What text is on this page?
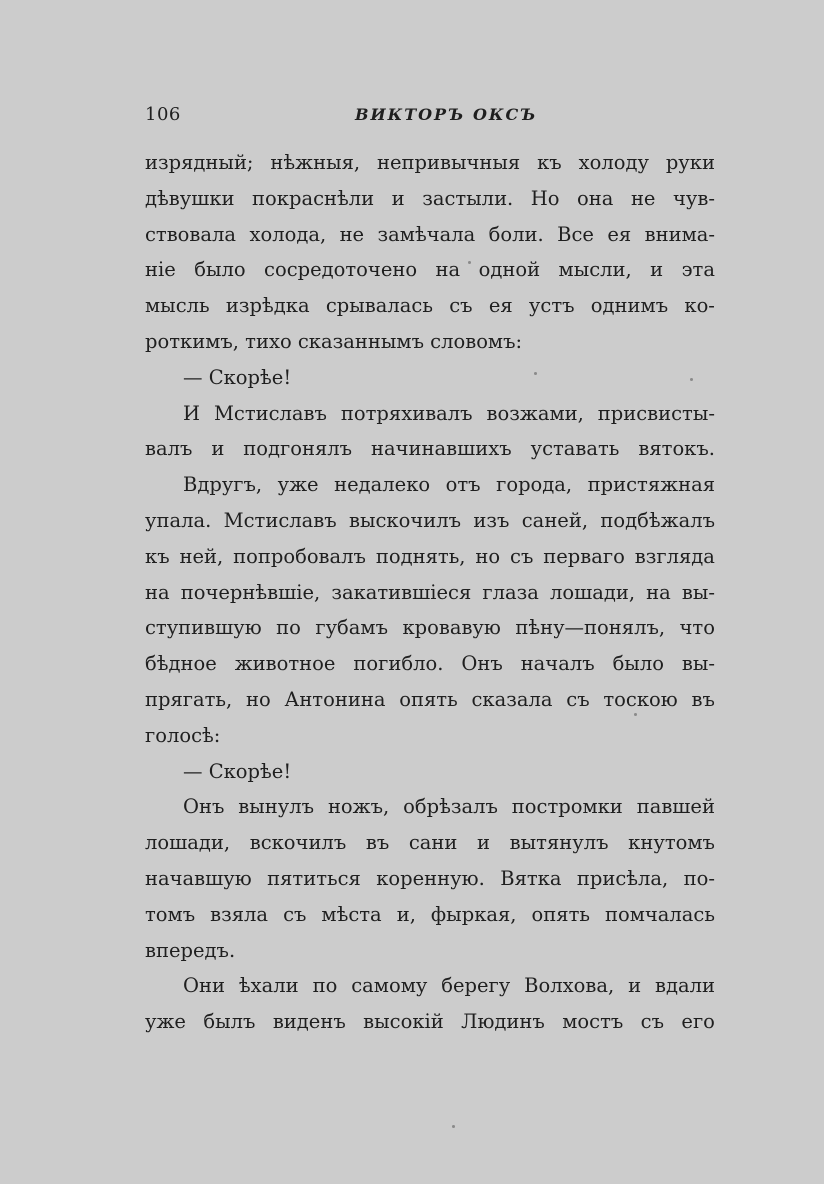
106	ВИКТОРЪ ОКСЪ
изрядный; нѣжныя, непривычныя къ холоду руки
дѣвушки покраснѣли и застыли. Но она не чув-
ствовала холода, не замѣчала боли. Все ея внима-
ніе было сосредоточено на одной мысли, и эта
мысль изрѣдка срывалась съ ея устъ однимъ ко-
роткимъ, тихо сказаннымъ словомъ:
— Скорѣе!
И Мстиславъ потряхивалъ возжами, присвисты-
валъ и подгонялъ начинавшихъ уставать вятокъ.
Вдругъ, уже недалеко отъ города, пристяжная
упала. Мстиславъ выскочилъ изъ саней, подбѣжалъ
къ ней, попробовалъ поднять, но съ перваго взгляда
на почернѣвшіе, закатившіеся глаза лошади, на вы-
ступившую по губамъ кровавую пѣну—понялъ, что
бѣдное животное погибло. Онъ началъ было вы-
прягать, но Антонина опять сказала съ тоскою въ
голосѣ:
— Скорѣе!
Онъ вынулъ ножъ, обрѣзалъ постромки павшей
лошади, вскочилъ въ сани и вытянулъ кнутомъ
начавшую пятиться коренную. Вятка присѣла, по-
томъ взяла съ мѣста и, фыркая, опять помчалась
впередъ.
Они ѣхали по самому берегу Волхова, и вдали
уже былъ виденъ высокій Людинъ мостъ съ его
